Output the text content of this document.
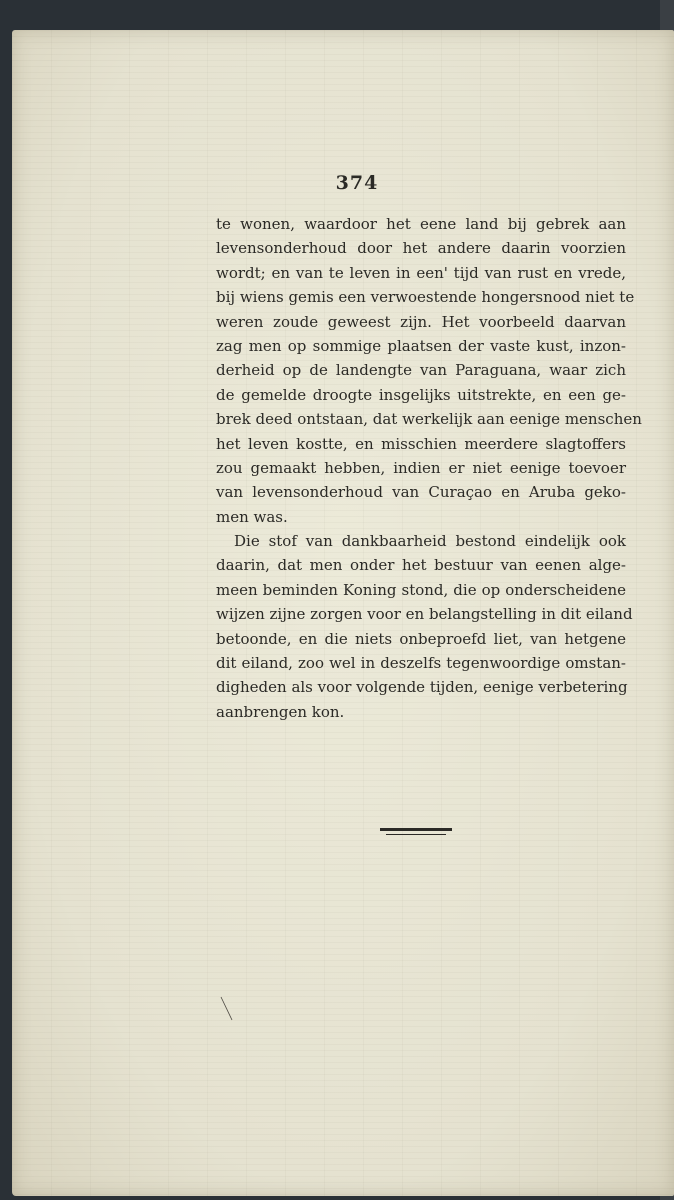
374
te wonen, waardoor het eene land bij gebrek aan
levensonderhoud door het andere daarin voorzien
wordt; en van te leven in een' tijd van rust en vrede,
bij wiens gemis een verwoestende hongersnood niet te
weren zoude geweest zijn. Het voorbeeld daarvan
zag men op sommige plaatsen der vaste kust, inzon-
derheid op de landengte van Paraguana, waar zich
de gemelde droogte insgelijks uitstrekte, en een ge-
brek deed ontstaan, dat werkelijk aan eenige menschen
het leven kostte, en misschien meerdere slagtoffers
zou gemaakt hebben, indien er niet eenige toevoer
van levensonderhoud van Curaçao en Aruba geko-
men was.
Die stof van dankbaarheid bestond eindelijk ook
daarin, dat men onder het bestuur van eenen alge-
meen beminden Koning stond, die op onderscheidene
wijzen zijne zorgen voor en belangstelling in dit eiland
betoonde, en die niets onbeproefd liet, van hetgene
dit eiland, zoo wel in deszelfs tegenwoordige omstan-
digheden als voor volgende tijden, eenige verbetering
aanbrengen kon.
